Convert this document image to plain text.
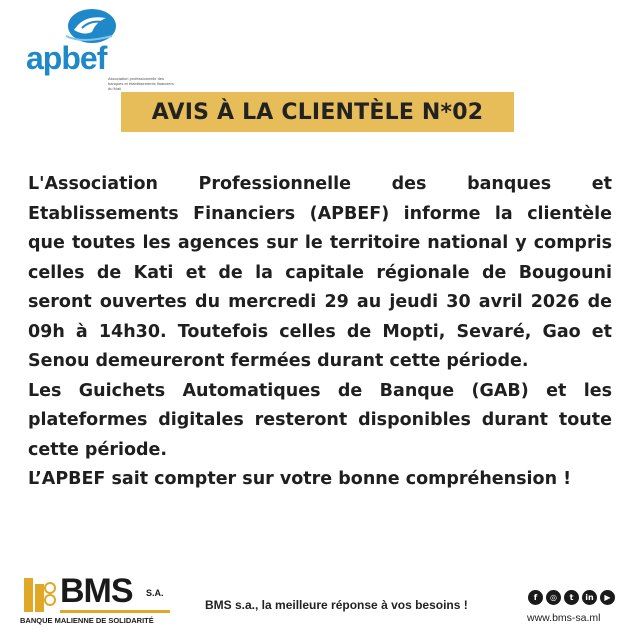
apbef
Association professionnelle des banques et établissements financiers du Mali
AVIS À LA CLIENTÈLE N*02

L'Association Professionnelle des banques et Etablissements Financiers (APBEF) informe la clientèle que toutes les agences sur le territoire national y compris celles de Kati et de la capitale régionale de Bougouni seront ouvertes du mercredi 29 au jeudi 30 avril 2026 de 09h à 14h30. Toutefois celles de Mopti, Sevaré, Gao et Senou demeureront fermées durant cette période.

Les Guichets Automatiques de Banque (GAB) et les plateformes digitales resteront disponibles durant toute cette période.

L’APBEF sait compter sur votre bonne compréhension !

BMS S.A.
BANQUE MALIENNE DE SOLIDARITÉ
BMS s.a., la meilleure réponse à vos besoins !
f	◎	t	in	▶
www.bms-sa.ml
